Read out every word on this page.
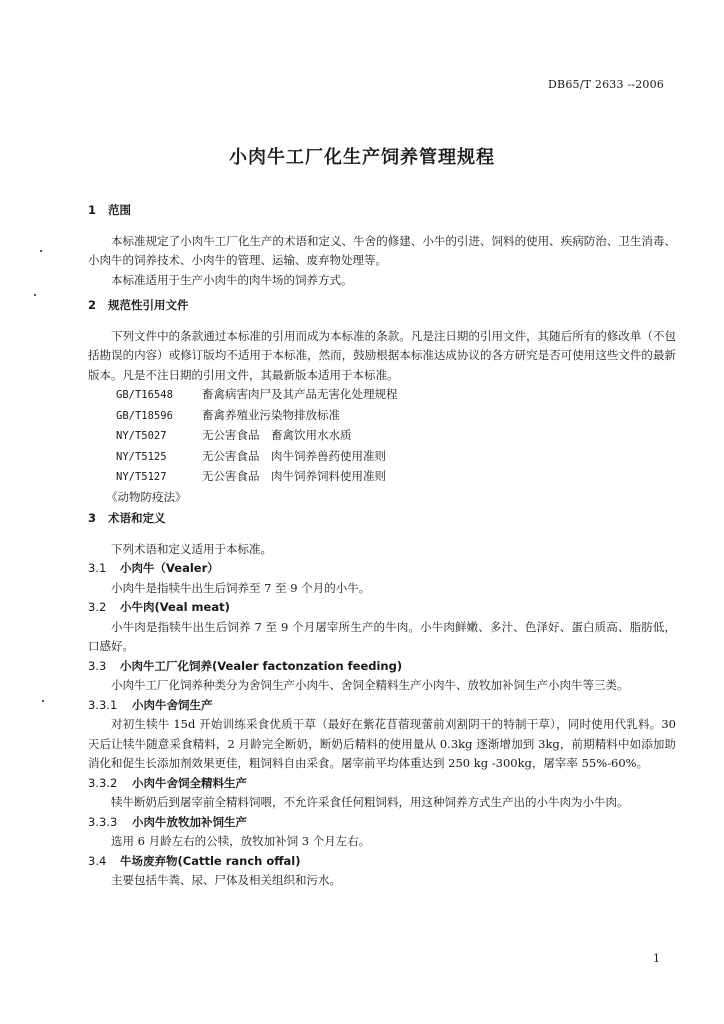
DB65/T 2633 --2006
小肉牛工厂化生产饲养管理规程
1 范围
本标准规定了小肉牛工厂化生产的术语和定义、牛舍的修建、小牛的引进、饲料的使用、疾病防治、卫生消毒、小肉牛的饲养技术、小肉牛的管理、运输、废弃物处理等。
本标准适用于生产小肉牛的肉牛场的饲养方式。
2 规范性引用文件
下列文件中的条款通过本标准的引用而成为本标准的条款。凡是注日期的引用文件，其随后所有的修改单（不包括勘误的内容）或修订版均不适用于本标准，然而，鼓励根据本标准达成协议的各方研究是否可使用这些文件的最新版本。凡是不注日期的引用文件，其最新版本适用于本标准。
GB/T16548	畜禽病害肉尸及其产品无害化处理规程
GB/T18596	畜禽养殖业污染物排放标准
NY/T5027	无公害食品　畜禽饮用水水质
NY/T5125	无公害食品　肉牛饲养兽药使用准则
NY/T5127	无公害食品　肉牛饲养饲料使用准则
《动物防疫法》
3 术语和定义
下列术语和定义适用于本标准。
3.1 小肉牛（Vealer）
小肉牛是指犊牛出生后饲养至 7 至 9 个月的小牛。
3.2 小牛肉(Veal meat)
小牛肉是指犊牛出生后饲养 7 至 9 个月屠宰所生产的牛肉。小牛肉鲜嫩、多汁、色泽好、蛋白质高、脂肪低，口感好。
3.3 小肉牛工厂化饲养(Vealer factonzation feeding)
小肉牛工厂化饲养种类分为舍饲生产小肉牛、舍饲全精料生产小肉牛、放牧加补饲生产小肉牛等三类。
3.3.1 小肉牛舍饲生产
对初生犊牛 15d 开始训练采食优质干草（最好在紫花苜蓿现蕾前刈割阴干的特制干草），同时使用代乳料。30 天后让犊牛随意采食精料，2 月龄完全断奶，断奶后精料的使用量从 0.3kg 逐渐增加到 3kg，前期精料中如添加助消化和促生长添加剂效果更佳，粗饲料自由采食。屠宰前平均体重达到 250 kg -300kg，屠宰率 55%-60%。
3.3.2 小肉牛舍饲全精料生产
犊牛断奶后到屠宰前全精料饲喂，不允许采食任何粗饲料，用这种饲养方式生产出的小牛肉为小牛肉。
3.3.3 小肉牛放牧加补饲生产
选用 6 月龄左右的公犊，放牧加补饲 3 个月左右。
3.4 牛场废弃物(Cattle ranch offal)
主要包括牛粪、尿、尸体及相关组织和污水。
1
